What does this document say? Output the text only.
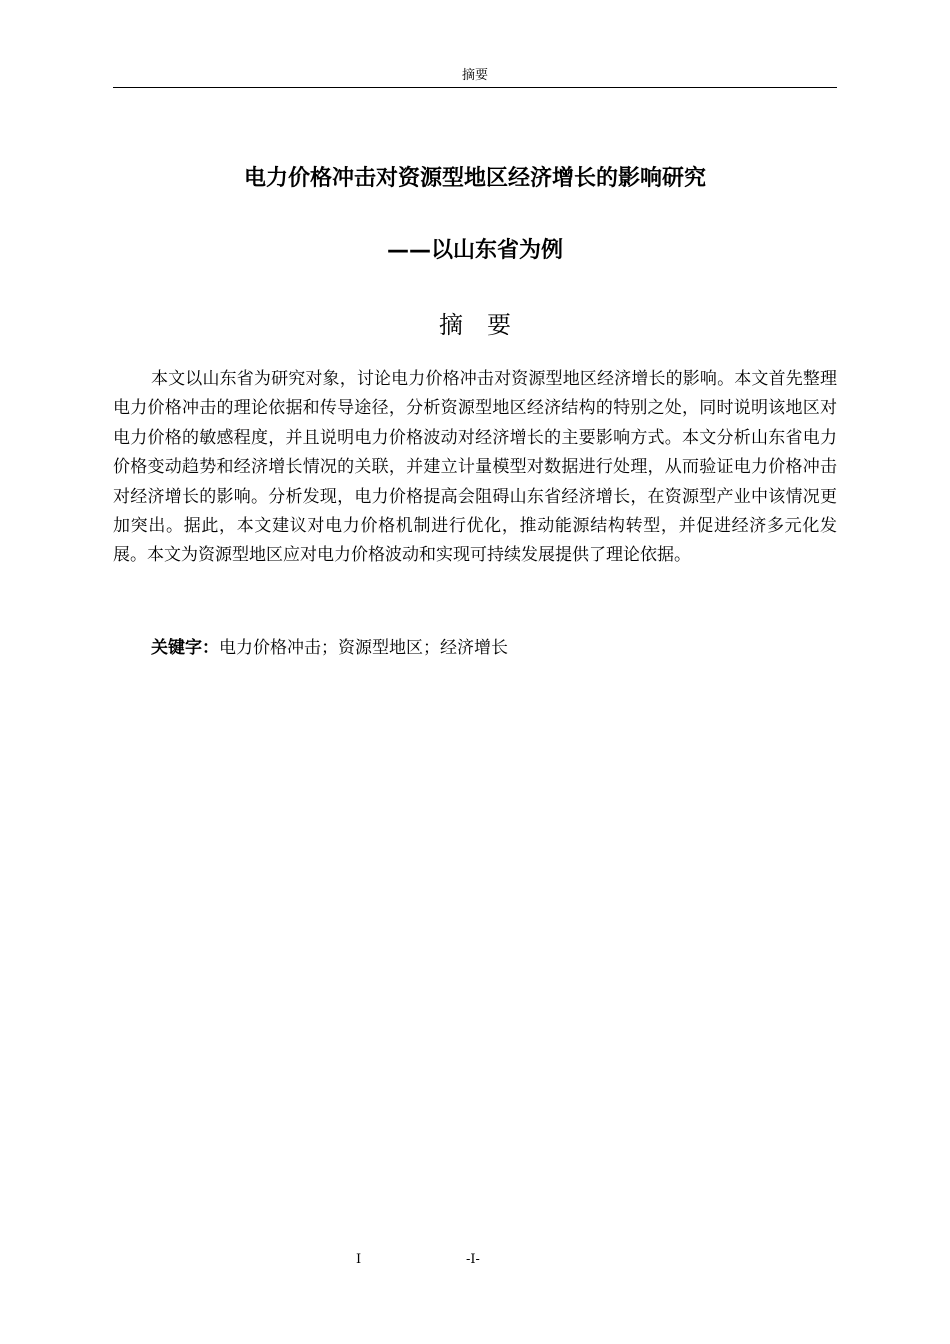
摘要
电力价格冲击对资源型地区经济增长的影响研究
——以山东省为例
摘要

本文以山东省为研究对象，讨论电力价格冲击对资源型地区经济增长的影响。本文首先整理电力价格冲击的理论依据和传导途径，分析资源型地区经济结构的特别之处，同时说明该地区对电力价格的敏感程度，并且说明电力价格波动对经济增长的主要影响方式。本文分析山东省电力价格变动趋势和经济增长情况的关联，并建立计量模型对数据进行处理，从而验证电力价格冲击对经济增长的影响。分析发现，电力价格提高会阻碍山东省经济增长，在资源型产业中该情况更加突出。据此，本文建议对电力价格机制进行优化，推动能源结构转型，并促进经济多元化发展。本文为资源型地区应对电力价格波动和实现可持续发展提供了理论依据。

关键字：电力价格冲击；资源型地区；经济增长
I	-I-
